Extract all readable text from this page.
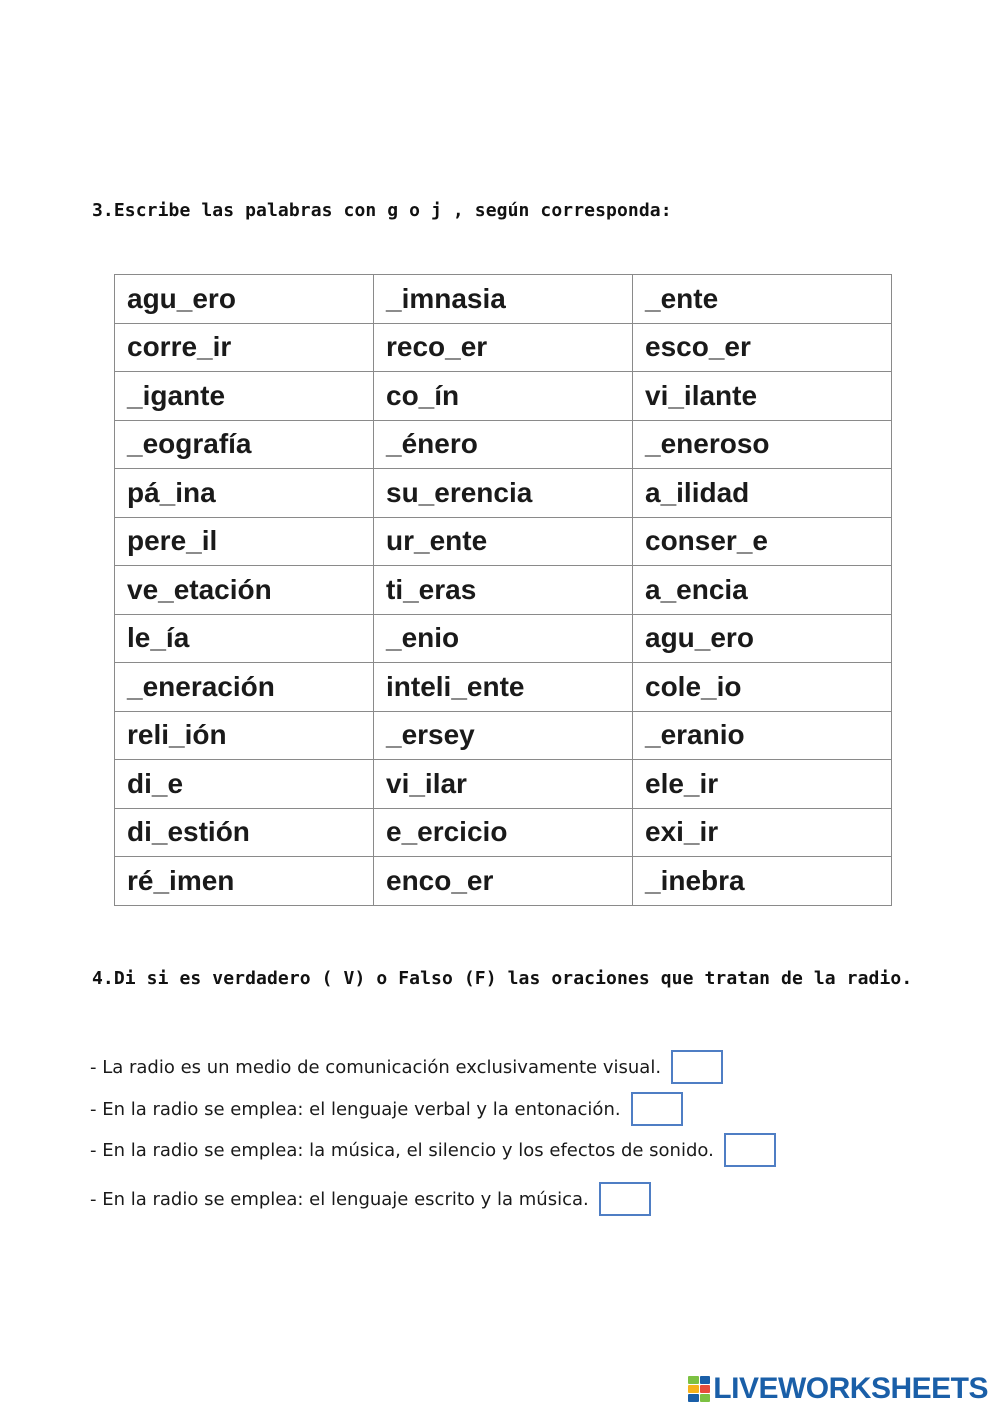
3.Escribe las palabras con g o j , según corresponda:
agu_ero	_imnasia	_ente
corre_ir	reco_er	esco_er
_igante	co_ín	vi_ilante
_eografía	_énero	_eneroso
pá_ina	su_erencia	a_ilidad
pere_il	ur_ente	conser_e
ve_etación	ti_eras	a_encia
le_ía	_enio	agu_ero
_eneración	inteli_ente	cole_io
reli_ión	_ersey	_eranio
di_e	vi_ilar	ele_ir
di_estión	e_ercicio	exi_ir
ré_imen	enco_er	_inebra
4.Di si es verdadero ( V) o Falso (F) las oraciones que tratan de la radio.
- La radio es un medio de comunicación exclusivamente visual.
- En la radio se emplea: el lenguaje verbal y la entonación.
- En la radio se emplea: la música, el silencio y los efectos de sonido.
- En la radio se emplea: el lenguaje escrito y la música.
LIVEWORKSHEETS
